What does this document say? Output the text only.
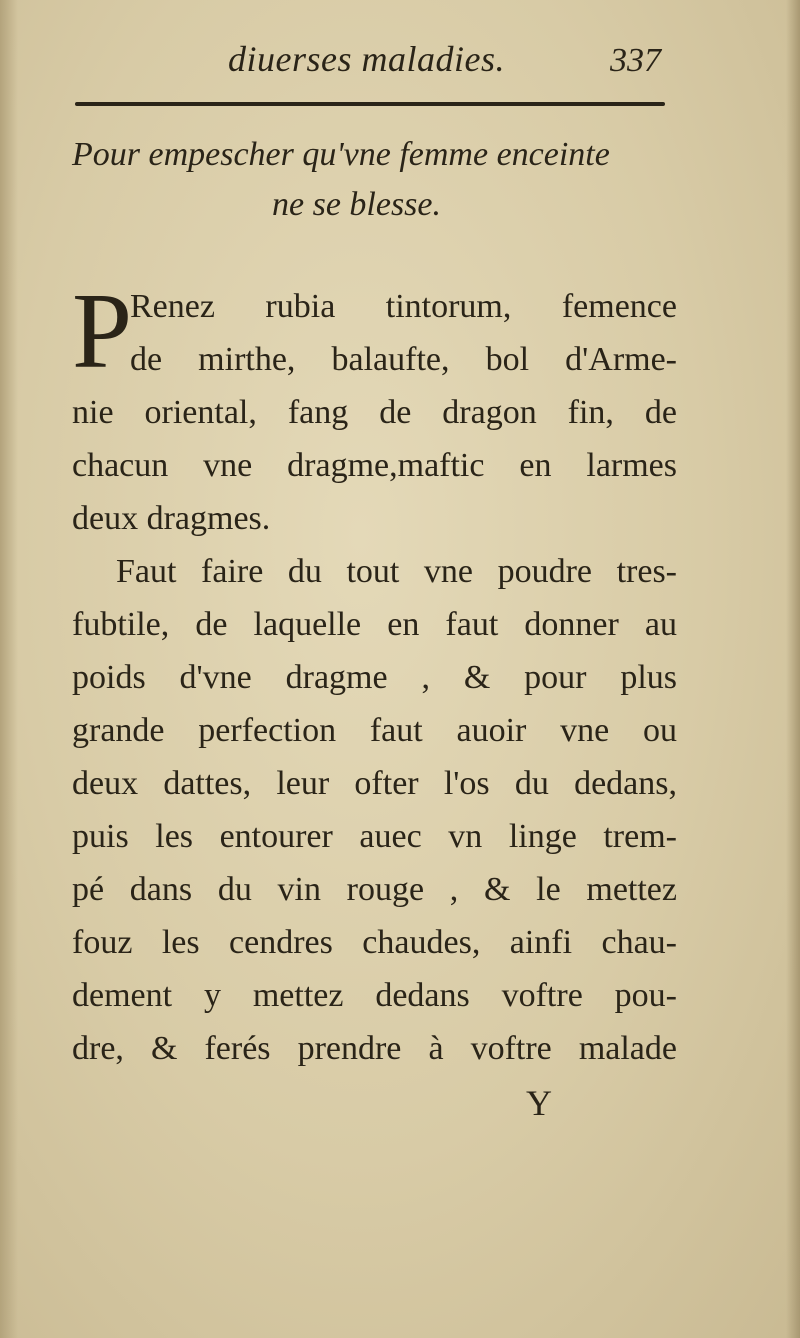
diuerses maladies.	337
Pour empescher qu'vne femme enceinte
ne se blesse.
P
Renez rubia tintorum, femence
de mirthe, balaufte, bol d'Arme-
nie oriental, fang de dragon fin, de
chacun vne dragme,maftic en larmes
deux dragmes.
Faut faire du tout vne poudre tres-
fubtile, de laquelle en faut donner au
poids d'vne dragme , & pour plus
grande perfection faut auoir vne ou
deux dattes, leur ofter l'os du dedans,
puis les entourer auec vn linge trem-
pé dans du vin rouge , & le mettez
fouz les cendres chaudes, ainfi chau-
dement y mettez dedans voftre pou-
dre, & ferés prendre à voftre malade
Y
